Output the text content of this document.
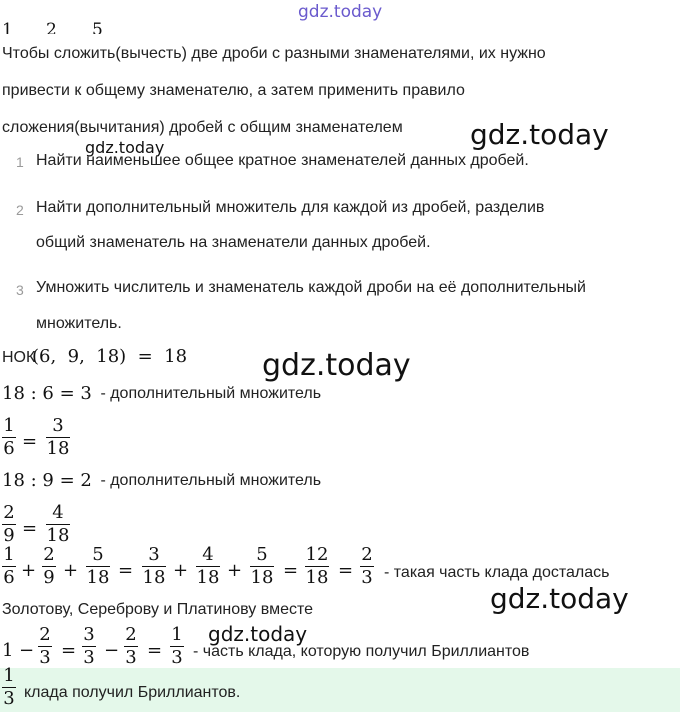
1 2 5
gdz.today
gdz.today
gdz.today
gdz.today
gdz.today
gdz.today
Чтобы сложить(вычесть) две дроби с разными знаменателями, их нужно
привести к общему знаменателю, а затем применить правило
сложения(вычитания) дробей с общим знаменателем
1 Найти наименьшее общее кратное знаменателей данных дробей.
2 Найти дополнительный множитель для каждой из дробей, разделив
общий знаменатель на знаменатели данных дробей.
3 Умножить числитель и знаменатель каждой дроби на её дополнительный
множитель.
НОК
(6,  9,  18)  =  18
18 : 6 = 3 - дополнительный множитель
1
6 =
3
18
18 : 9 = 2 - дополнительный множитель
2
9 =
4
18
1
6 +
2
9 +
5
18 =
3
18 +
4
18 +
5
18 =
12
18 =
2
3 - такая часть клада досталась
Золотову, Сереброву и Платинову вместе
1 −
2
3 =
3
3 −
2
3 =
1
3 - часть клада, которую получил Бриллиантов
1
3 клада получил Бриллиантов.
